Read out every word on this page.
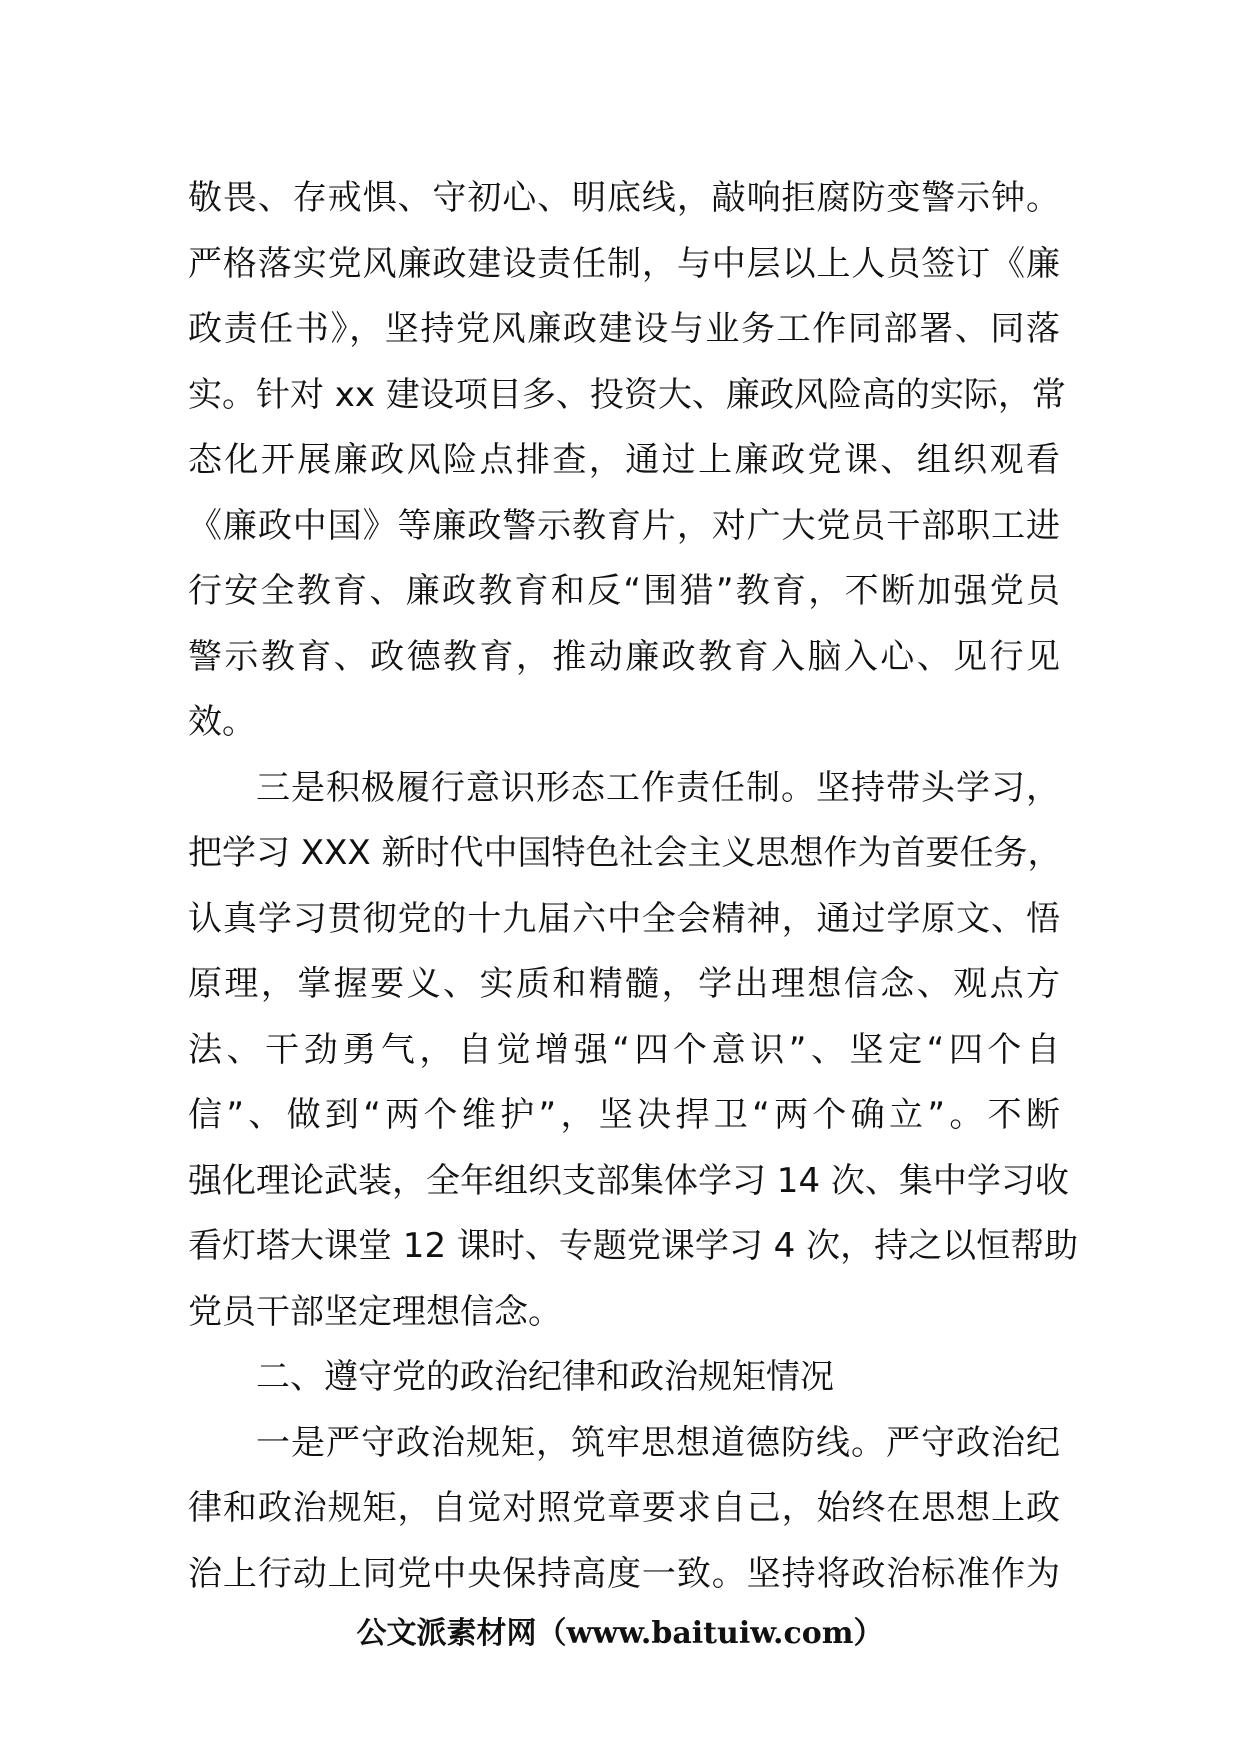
敬畏、存戒惧、守初心、明底线，敲响拒腐防变警示钟。
严格落实党风廉政建设责任制，与中层以上人员签订《廉
政责任书》，坚持党风廉政建设与业务工作同部署、同落
实。针对 xx 建设项目多、投资大、廉政风险高的实际，常
态化开展廉政风险点排查，通过上廉政党课、组织观看
《廉政中国》等廉政警示教育片，对广大党员干部职工进
行安全教育、廉政教育和反“围猎”教育，不断加强党员
警示教育、政德教育，推动廉政教育入脑入心、见行见
效。
三是积极履行意识形态工作责任制。坚持带头学习，
把学习 XXX 新时代中国特色社会主义思想作为首要任务，
认真学习贯彻党的十九届六中全会精神，通过学原文、悟
原理，掌握要义、实质和精髓，学出理想信念、观点方
法、干劲勇气，自觉增强“四个意识”、坚定“四个自
信”、做到“两个维护”，坚决捍卫“两个确立”。不断
强化理论武装，全年组织支部集体学习 14 次、集中学习收
看灯塔大课堂 12 课时、专题党课学习 4 次，持之以恒帮助
党员干部坚定理想信念。
二、遵守党的政治纪律和政治规矩情况
一是严守政治规矩，筑牢思想道德防线。严守政治纪
律和政治规矩，自觉对照党章要求自己，始终在思想上政
治上行动上同党中央保持高度一致。坚持将政治标准作为
公文派素材网（www.baituiw.com）
